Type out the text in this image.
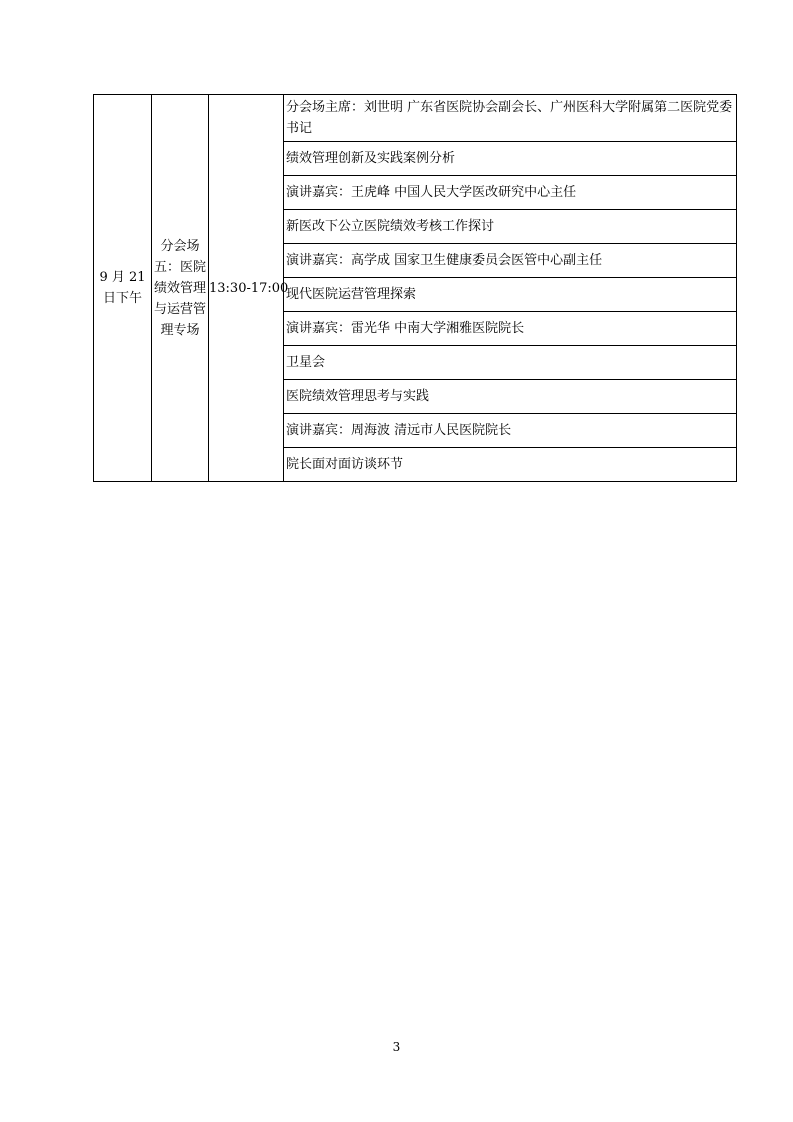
9 月 21 日下午

分会场五：医院绩效管理与运营管理专场

13:30-17:00
	分会场主席：刘世明 广东省医院协会副会长、广州医科大学附属第二医院党委书记
绩效管理创新及实践案例分析
演讲嘉宾：王虎峰 中国人民大学医改研究中心主任
新医改下公立医院绩效考核工作探讨
演讲嘉宾：高学成 国家卫生健康委员会医管中心副主任
现代医院运营管理探索
演讲嘉宾：雷光华 中南大学湘雅医院院长
卫星会
医院绩效管理思考与实践
演讲嘉宾：周海波 清远市人民医院院长
院长面对面访谈环节
3
